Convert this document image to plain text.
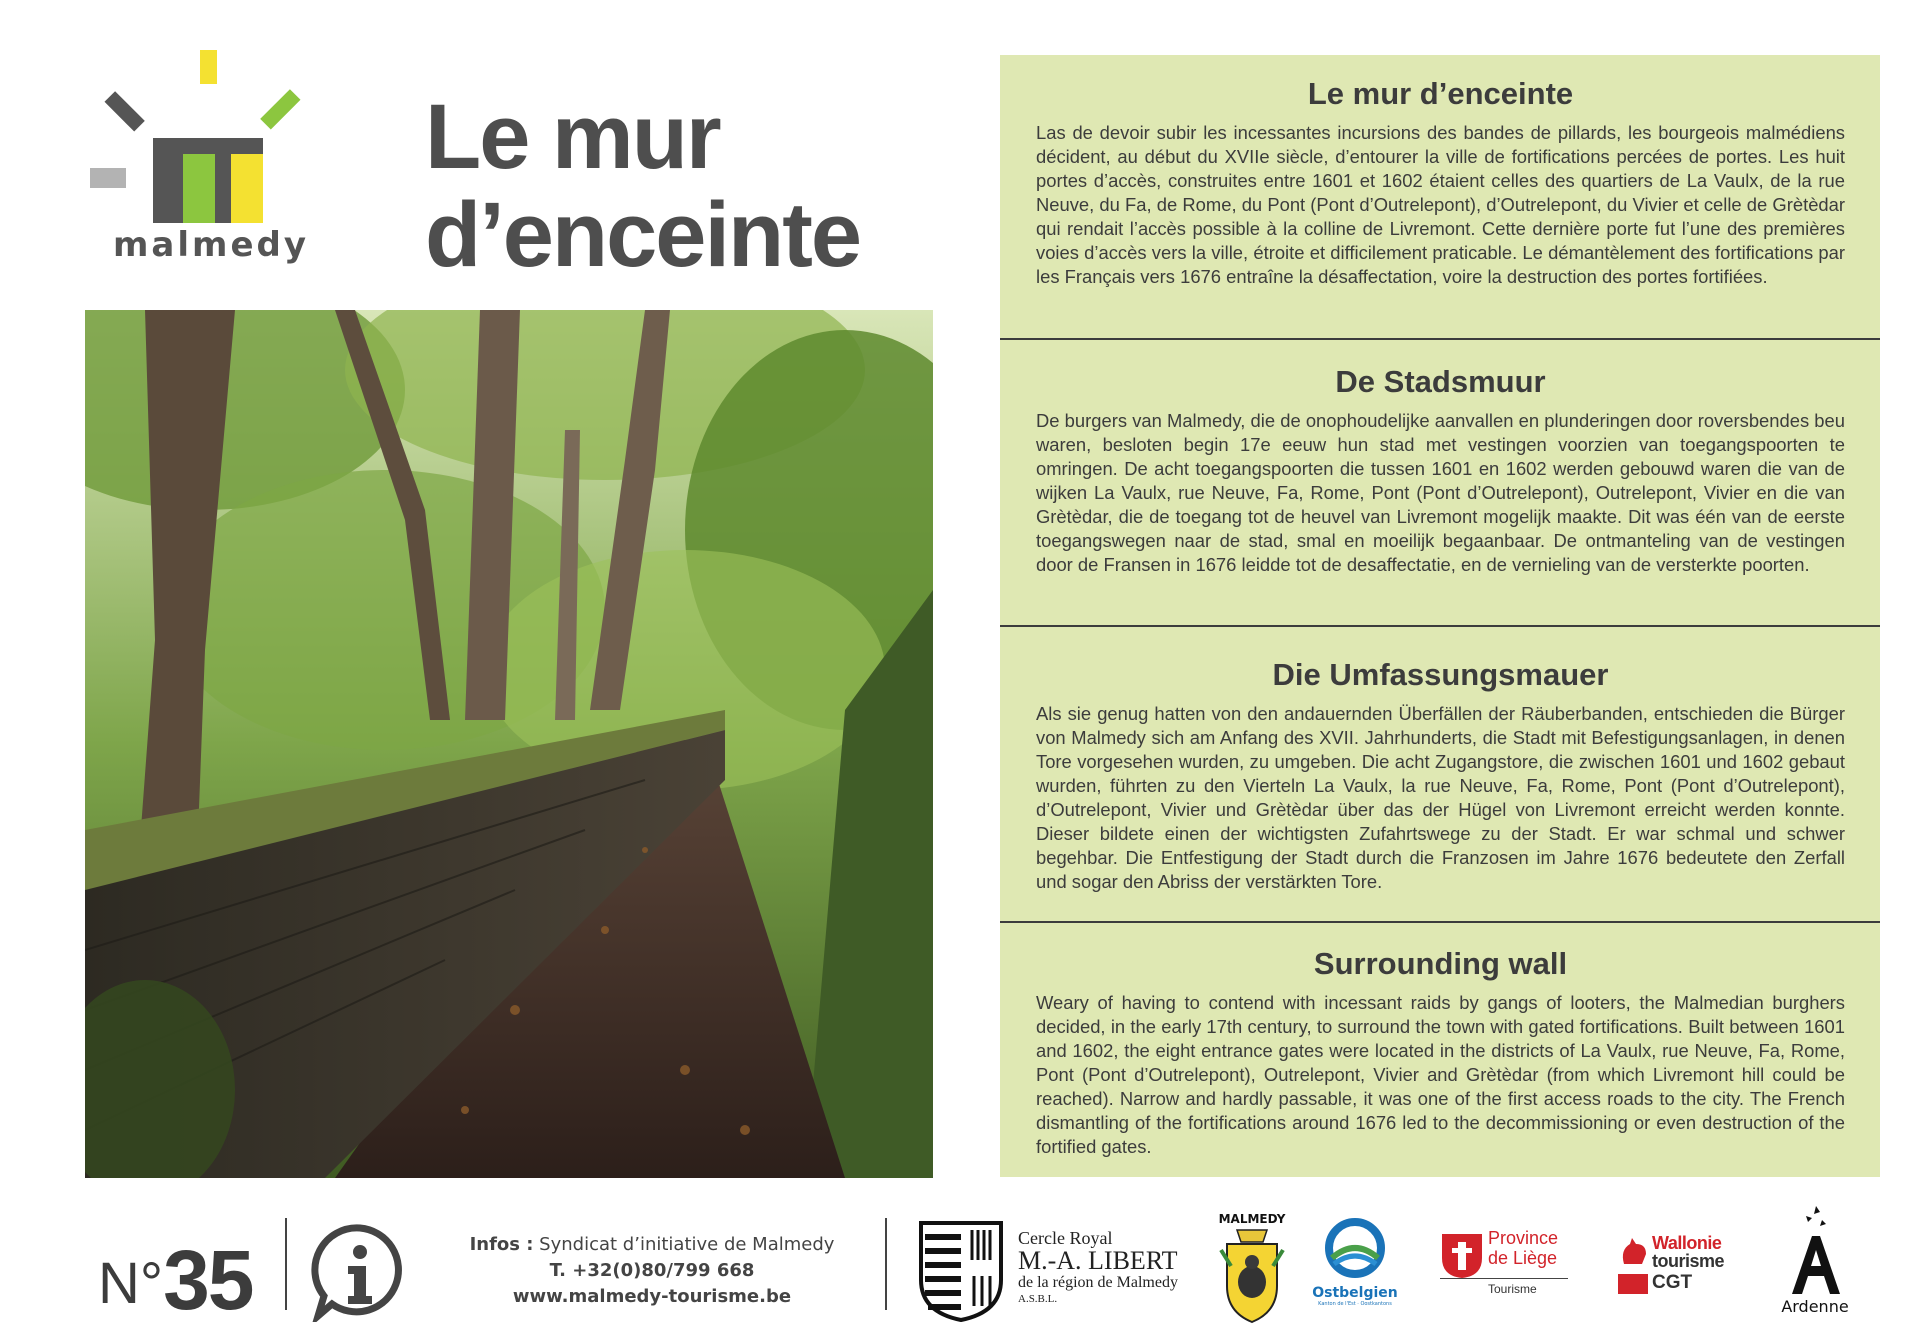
malmedy
Le mur
d’enceinte
Le mur d’enceinte

Las de devoir subir les incessantes incursions des bandes de pillards, les bourgeois malmédiens décident, au début du XVIIe siècle, d’entourer la ville de fortifications percées de portes. Les huit portes d’accès, construites entre 1601 et 1602 étaient celles des quartiers de La Vaulx, de la rue Neuve, du Fa, de Rome, du Pont (Pont d’Outrelepont), d’Outrelepont, du Vivier et celle de Grètèdar qui rendait l’accès possible à la colline de Livremont. Cette dernière porte fut l’une des premières voies d’accès vers la ville, étroite et difficilement praticable. Le démantèlement des fortifications par les Français vers 1676 entraîne la désaffectation, voire la destruction des portes fortifiées.

De Stadsmuur

De burgers van Malmedy, die de onophoudelijke aanvallen en plunderingen door roversbendes beu waren, besloten begin 17e eeuw hun stad met vestingen voorzien van toegangspoorten te omringen. De acht toegangspoorten die tussen 1601 en 1602 werden gebouwd waren die van de wijken La Vaulx, rue Neuve, Fa, Rome, Pont (Pont d’Outrelepont), Outrelepont, Vivier en die van Grètèdar, die de toegang tot de heuvel van Livremont mogelijk maakte. Dit was één van de eerste toegangswegen naar de stad, smal en moeilijk begaanbaar. De ontmanteling van de vestingen door de Fransen in 1676 leidde tot de desaffectatie, en de vernieling van de versterkte poorten.

Die Umfassungsmauer

Als sie genug hatten von den andauernden Überfällen der Räuberbanden, entschieden die Bürger von Malmedy sich am Anfang des XVII. Jahrhunderts, die Stadt mit Befestigungsanlagen, in denen Tore vorgesehen wurden, zu umgeben. Die acht Zugangstore, die zwischen 1601 und 1602 gebaut wurden, führten zu den Vierteln La Vaulx, la rue Neuve, Fa, Rome, Pont (Pont d’Outrelepont), d’Outrelepont, Vivier und Grètèdar über das der Hügel von Livremont erreicht werden konnte. Dieser bildete einen der wichtigsten Zufahrtswege zu der Stadt. Er war schmal und schwer begehbar. Die Entfestigung der Stadt durch die Franzosen im Jahre 1676 bedeutete den Zerfall und sogar den Abriss der verstärkten Tore.

Surrounding wall

Weary of having to contend with incessant raids by gangs of looters, the Malmedian burghers decided, in the early 17th century, to surround the town with gated fortifications. Built between 1601 and 1602, the eight entrance gates were located in the districts of La Vaulx, rue Neuve, Fa, Rome, Pont (Pont d’Outrelepont), Outrelepont, Vivier and Grètèdar (from which Livremont hill could be reached). Narrow and hardly passable, it was one of the first access roads to the city. The French dismantling of the fortifications around 1676 led to the decommissioning or even destruction of the fortified gates.

N°35	Infos : Syndicat d’initiative de Malmedy
T. +32(0)80/799 668
www.malmedy-tourisme.be
Cercle Royal
M.-A. LIBERT
de la région de Malmedy
A.S.B.L.
MALMEDY
Ostbelgien
Kanton de l'Est · Oostkantons
Province
de Liège
Tourisme
Wallonie
tourisme
CGT
Ardenne
